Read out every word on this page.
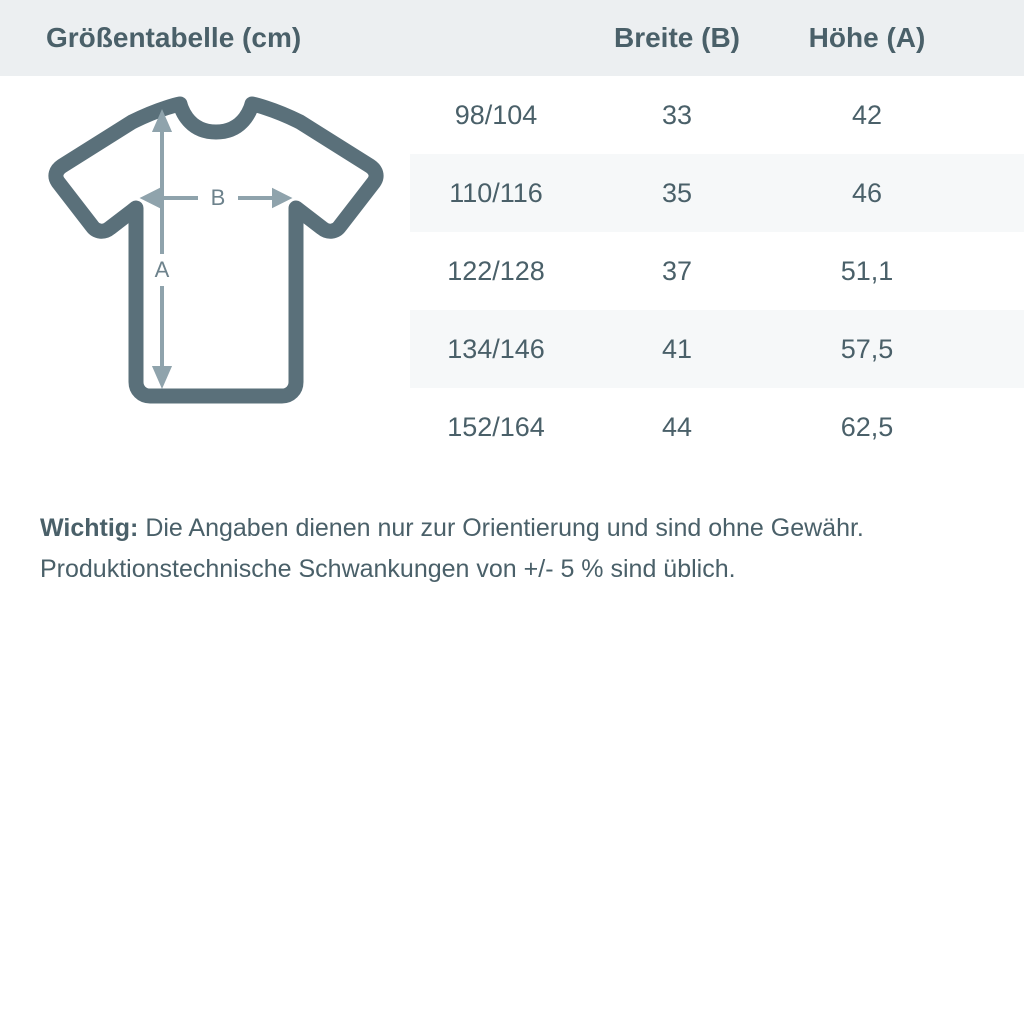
Größentabelle (cm)	Breite (B)	Höhe (A)
B
A
98/104	33	42
110/116	35	46
122/128	37	51,1
134/146	41	57,5
152/164	44	62,5
Wichtig: Die Angaben dienen nur zur Orientierung und sind ohne Gewähr.
Produktionstechnische Schwankungen von +/- 5 % sind üblich.
